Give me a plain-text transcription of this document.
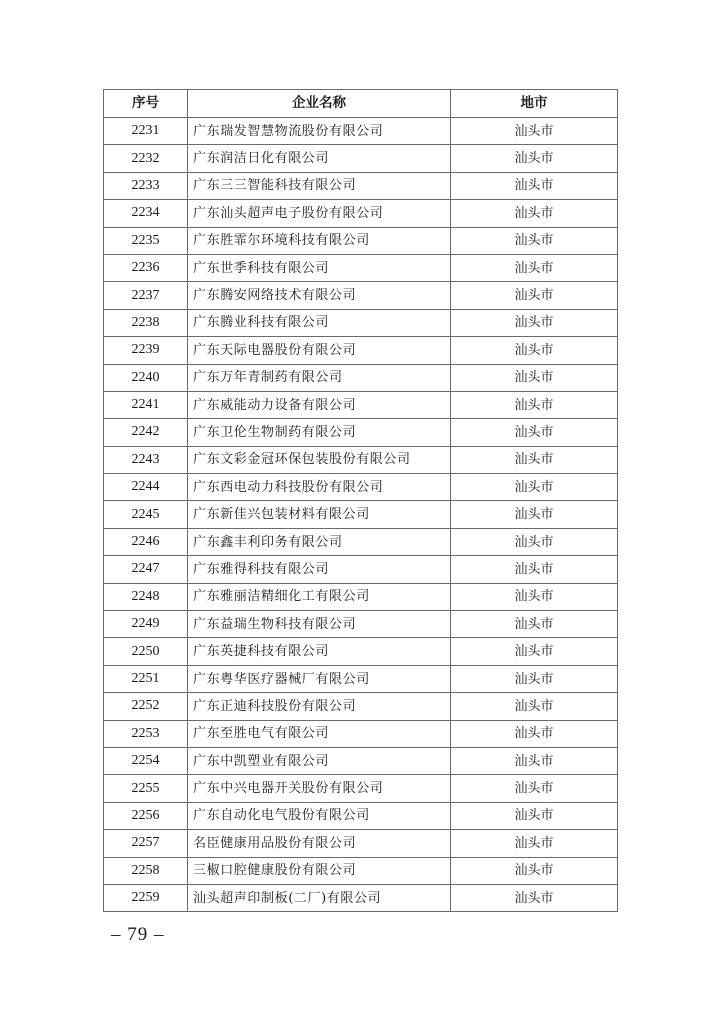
序号	企业名称	地市
2231	广东瑞发智慧物流股份有限公司	汕头市
2232	广东润洁日化有限公司	汕头市
2233	广东三三智能科技有限公司	汕头市
2234	广东汕头超声电子股份有限公司	汕头市
2235	广东胜霏尔环境科技有限公司	汕头市
2236	广东世季科技有限公司	汕头市
2237	广东腾安网络技术有限公司	汕头市
2238	广东腾业科技有限公司	汕头市
2239	广东天际电器股份有限公司	汕头市
2240	广东万年青制药有限公司	汕头市
2241	广东威能动力设备有限公司	汕头市
2242	广东卫伦生物制药有限公司	汕头市
2243	广东文彩金冠环保包装股份有限公司	汕头市
2244	广东西电动力科技股份有限公司	汕头市
2245	广东新佳兴包装材料有限公司	汕头市
2246	广东鑫丰利印务有限公司	汕头市
2247	广东雅得科技有限公司	汕头市
2248	广东雅丽洁精细化工有限公司	汕头市
2249	广东益瑞生物科技有限公司	汕头市
2250	广东英捷科技有限公司	汕头市
2251	广东粤华医疗器械厂有限公司	汕头市
2252	广东正迪科技股份有限公司	汕头市
2253	广东至胜电气有限公司	汕头市
2254	广东中凯塑业有限公司	汕头市
2255	广东中兴电器开关股份有限公司	汕头市
2256	广东自动化电气股份有限公司	汕头市
2257	名臣健康用品股份有限公司	汕头市
2258	三椒口腔健康股份有限公司	汕头市
2259	汕头超声印制板(二厂)有限公司	汕头市
– 79 –
